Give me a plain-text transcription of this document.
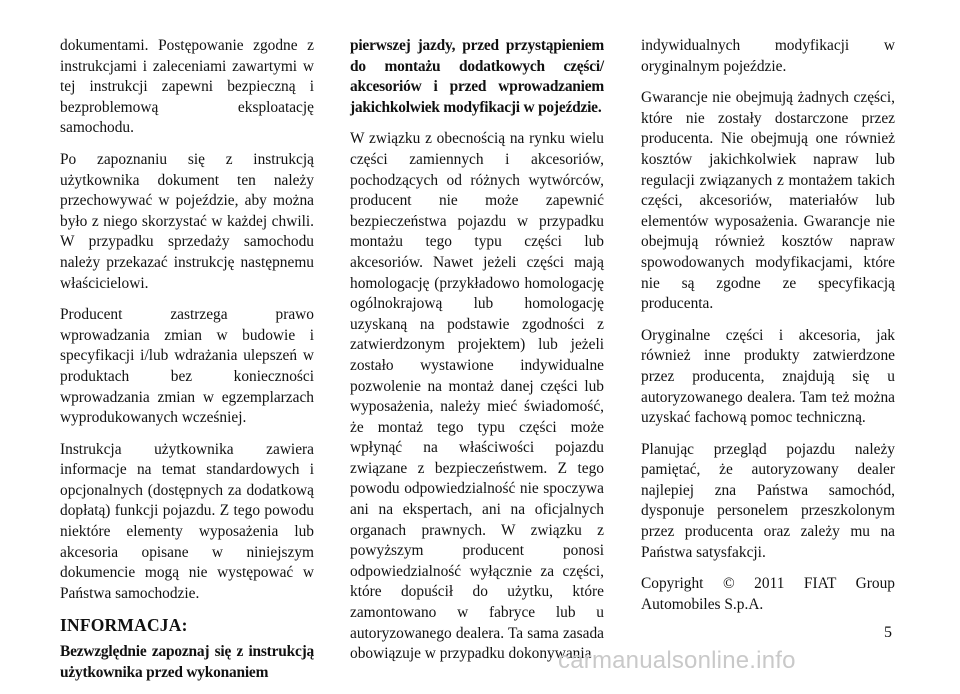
dokumentami. Postępowanie zgodne z instrukcjami i zaleceniami zawartymi w tej instrukcji zapewni bezpieczną i bezproblemową eksploatację samochodu.

Po zapoznaniu się z instrukcją użytkownika dokument ten należy przechowywać w pojeździe, aby można było z niego skorzystać w każdej chwili. W przypadku sprzedaży samochodu należy przekazać instrukcję następnemu właścicielowi.

Producent zastrzega prawo wprowadzania zmian w budowie i specyfikacji i/lub wdrażania ulepszeń w produktach bez konieczności wprowadzania zmian w egzemplarzach wyprodukowanych wcześniej.

Instrukcja użytkownika zawiera informacje na temat standardowych i opcjonalnych (dostępnych za dodatkową dopłatą) funkcji pojazdu. Z tego powodu niektóre elementy wyposażenia lub akcesoria opisane w niniejszym dokumencie mogą nie występować w Państwa samochodzie.

INFORMACJA:

Bezwzględnie zapoznaj się z instrukcją użytkownika przed wykonaniem

pierwszej jazdy, przed przystąpieniem do montażu dodatkowych części/ akcesoriów i przed wprowadzaniem jakichkolwiek modyfikacji w pojeździe.

W związku z obecnością na rynku wielu części zamiennych i akcesoriów, pochodzących od różnych wytwórców, producent nie może zapewnić bezpieczeństwa pojazdu w przypadku montażu tego typu części lub akcesoriów. Nawet jeżeli części mają homologację (przykładowo homologację ogólnokrajową lub homologację uzyskaną na podstawie zgodności z zatwierdzonym projektem) lub jeżeli zostało wystawione indywidualne pozwolenie na montaż danej części lub wyposażenia, należy mieć świadomość, że montaż tego typu części może wpłynąć na właściwości pojazdu związane z bezpieczeństwem. Z tego powodu odpowiedzialność nie spoczywa ani na ekspertach, ani na oficjalnych organach prawnych. W związku z powyższym producent ponosi odpowiedzialność wyłącznie za części, które dopuścił do użytku, które zamontowano w fabryce lub u autoryzowanego dealera. Ta sama zasada obowiązuje w przypadku dokonywania

indywidualnych modyfikacji w oryginalnym pojeździe.

Gwarancje nie obejmują żadnych części, które nie zostały dostarczone przez producenta. Nie obejmują one również kosztów jakichkolwiek napraw lub regulacji związanych z montażem takich części, akcesoriów, materiałów lub elementów wyposażenia. Gwarancje nie obejmują również kosztów napraw spowodowanych modyfikacjami, które nie są zgodne ze specyfikacją producenta.

Oryginalne części i akcesoria, jak również inne produkty zatwierdzone przez producenta, znajdują się u autoryzowanego dealera. Tam też można uzyskać fachową pomoc techniczną.

Planując przegląd pojazdu należy pamiętać, że autoryzowany dealer najlepiej zna Państwa samochód, dysponuje personelem przeszkolonym przez producenta oraz zależy mu na Państwa satysfakcji.

Copyright © 2011 FIAT Group Automobiles S.p.A.

5
carmanualsonline.info
